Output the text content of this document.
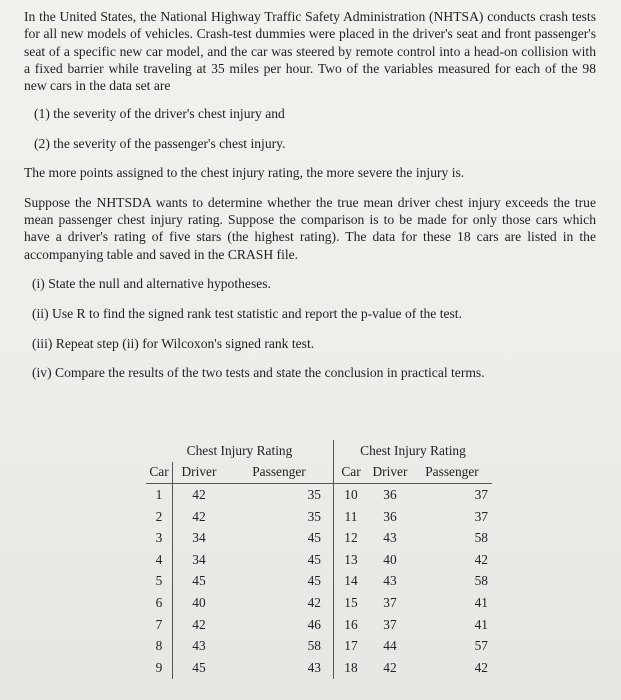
In the United States, the National Highway Traffic Safety Administration (NHTSA) conducts crash tests for all new models of vehicles. Crash-test dummies were placed in the driver's seat and front passenger's seat of a specific new car model, and the car was steered by remote control into a head-on collision with a fixed barrier while traveling at 35 miles per hour. Two of the variables measured for each of the 98 new cars in the data set are

(1) the severity of the driver's chest injury and

(2) the severity of the passenger's chest injury.

The more points assigned to the chest injury rating, the more severe the injury is.

Suppose the NHTSDA wants to determine whether the true mean driver chest injury exceeds the true mean passenger chest injury rating. Suppose the comparison is to be made for only those cars which have a driver's rating of five stars (the highest rating). The data for these 18 cars are listed in the accompanying table and saved in the CRASH file.

(i) State the null and alternative hypotheses.

(ii) Use R to find the signed rank test statistic and report the p-value of the test.

(iii) Repeat step (ii) for Wilcoxon's signed rank test.

(iv) Compare the results of the two tests and state the conclusion in practical terms.

Chest Injury Rating			Chest Injury Rating		
Car	Driver	Passenger	Car	Driver	Passenger
1	42	35	10	36	37
2	42	35	11	36	37
3	34	45	12	43	58
4	34	45	13	40	42
5	45	45	14	43	58
6	40	42	15	37	41
7	42	46	16	37	41
8	43	58	17	44	57
9	45	43	18	42	42
